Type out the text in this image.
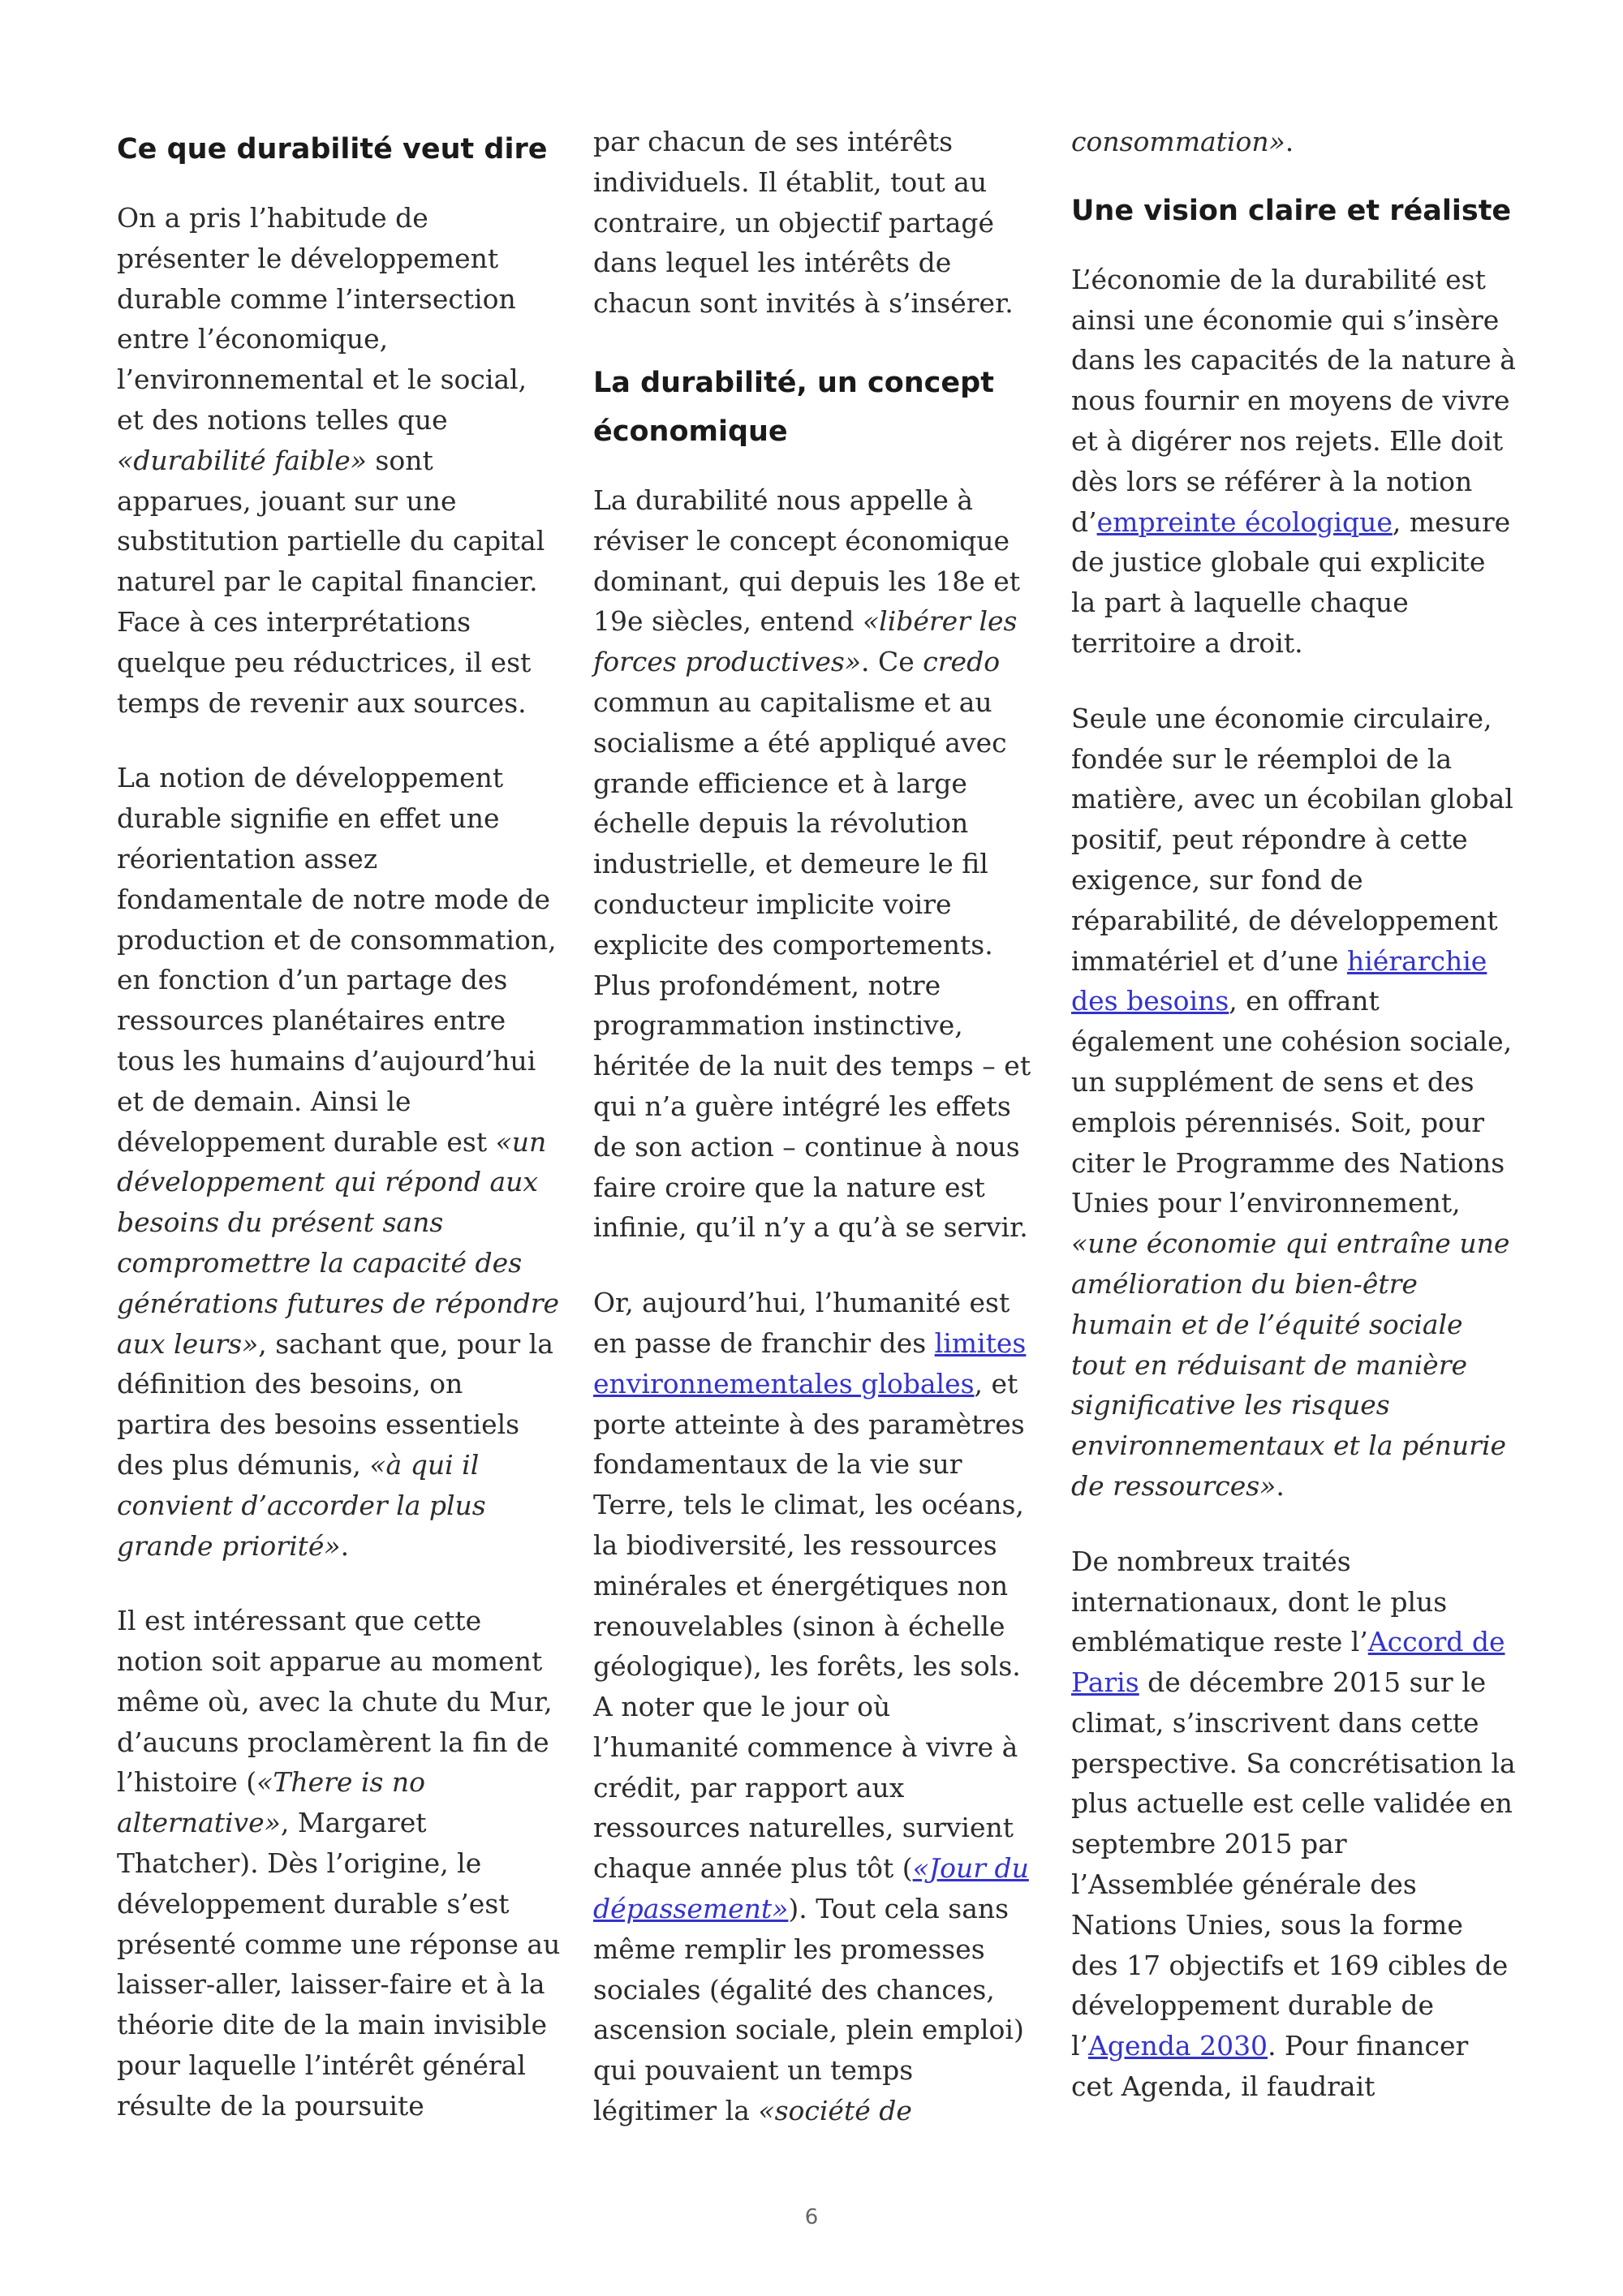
Ce que durabilité veut dire

On a pris l’habitude de présenter le développement durable comme l’intersection entre l’économique, l’environnemental et le social, et des notions telles que «durabilité faible» sont apparues, jouant sur une substitution partielle du capital naturel par le capital financier. Face à ces interprétations quelque peu réductrices, il est temps de revenir aux sources.

La notion de développement durable signifie en effet une réorientation assez fondamentale de notre mode de production et de consommation, en fonction d’un partage des ressources planétaires entre tous les humains d’aujourd’hui et de demain. Ainsi le développement durable est «un développement qui répond aux besoins du présent sans compromettre la capacité des générations futures de répondre aux leurs», sachant que, pour la définition des besoins, on partira des besoins essentiels des plus démunis, «à qui il convient d’accorder la plus grande priorité».

Il est intéressant que cette notion soit apparue au moment même où, avec la chute du Mur, d’aucuns proclamèrent la fin de l’histoire («There is no alternative», Margaret Thatcher). Dès l’origine, le développement durable s’est présenté comme une réponse au laisser-aller, laisser-faire et à la théorie dite de la main invisible pour laquelle l’intérêt général résulte de la poursuite

par chacun de ses intérêts individuels. Il établit, tout au contraire, un objectif partagé dans lequel les intérêts de chacun sont invités à s’insérer.

La durabilité, un concept économique

La durabilité nous appelle à réviser le concept économique dominant, qui depuis les 18e et 19e siècles, entend «libérer les forces productives». Ce credo commun au capitalisme et au socialisme a été appliqué avec grande efficience et à large échelle depuis la révolution industrielle, et demeure le fil conducteur implicite voire explicite des comportements. Plus profondément, notre programmation instinctive, héritée de la nuit des temps – et qui n’a guère intégré les effets de son action – continue à nous faire croire que la nature est infinie, qu’il n’y a qu’à se servir.

Or, aujourd’hui, l’humanité est en passe de franchir des limites environnementales globales, et porte atteinte à des paramètres fondamentaux de la vie sur Terre, tels le climat, les océans, la biodiversité, les ressources minérales et énergétiques non renouvelables (sinon à échelle géologique), les forêts, les sols. A noter que le jour où l’humanité commence à vivre à crédit, par rapport aux ressources naturelles, survient chaque année plus tôt («Jour du dépassement»). Tout cela sans même remplir les promesses sociales (égalité des chances, ascension sociale, plein emploi) qui pouvaient un temps légitimer la «société de

consommation».

Une vision claire et réaliste

L’économie de la durabilité est ainsi une économie qui s’insère dans les capacités de la nature à nous fournir en moyens de vivre et à digérer nos rejets. Elle doit dès lors se référer à la notion d’empreinte écologique, mesure de justice globale qui explicite la part à laquelle chaque territoire a droit.

Seule une économie circulaire, fondée sur le réemploi de la matière, avec un écobilan global positif, peut répondre à cette exigence, sur fond de réparabilité, de développement immatériel et d’une hiérarchie des besoins, en offrant également une cohésion sociale, un supplément de sens et des emplois pérennisés. Soit, pour citer le Programme des Nations Unies pour l’environnement, «une économie qui entraîne une amélioration du bien-être humain et de l’équité sociale tout en réduisant de manière significative les risques environnementaux et la pénurie de ressources».

De nombreux traités internationaux, dont le plus emblématique reste l’Accord de Paris de décembre 2015 sur le climat, s’inscrivent dans cette perspective. Sa concrétisation la plus actuelle est celle validée en septembre 2015 par l’Assemblée générale des Nations Unies, sous la forme des 17 objectifs et 169 cibles de développement durable de l’Agenda 2030. Pour financer cet Agenda, il faudrait

6
